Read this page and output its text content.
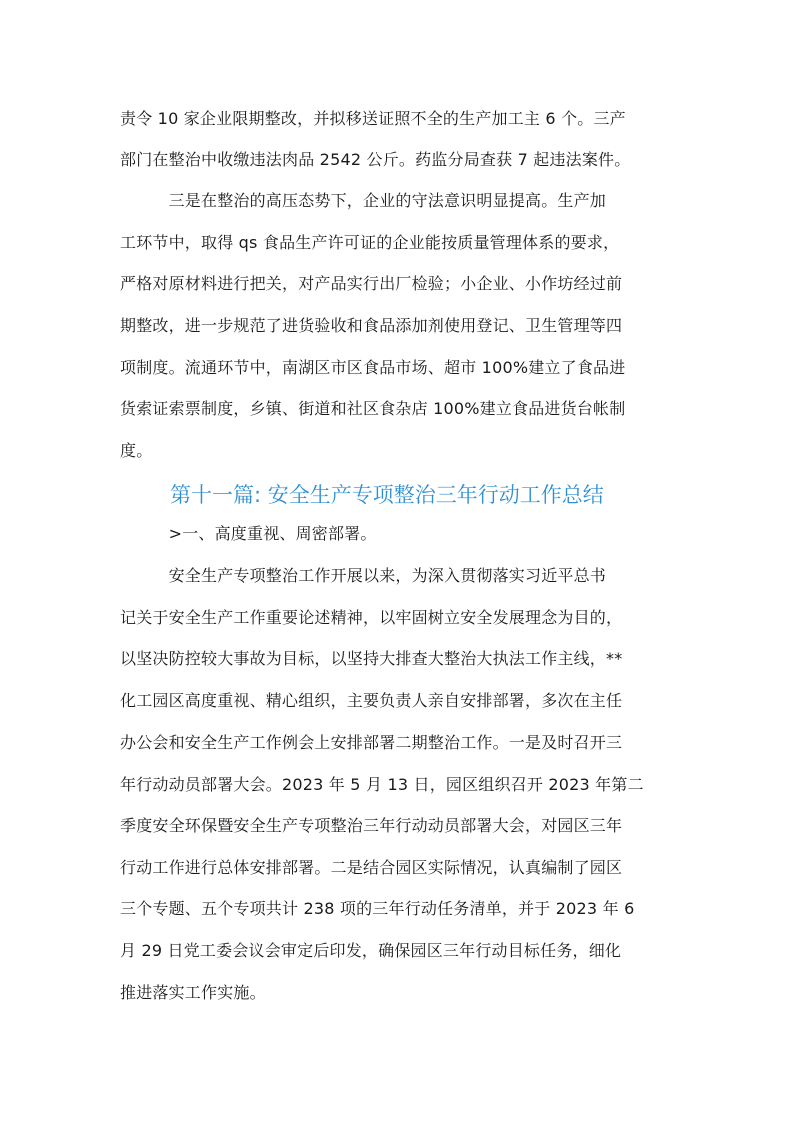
责令 10 家企业限期整改，并拟移送证照不全的生产加工主 6 个。三产
部门在整治中收缴违法肉品 2542 公斤。药监分局查获 7 起违法案件。
　　　三是在整治的高压态势下，企业的守法意识明显提高。生产加
工环节中，取得 qs 食品生产许可证的企业能按质量管理体系的要求，
严格对原材料进行把关，对产品实行出厂检验；小企业、小作坊经过前
期整改，进一步规范了进货验收和食品添加剂使用登记、卫生管理等四
项制度。流通环节中，南湖区市区食品市场、超市 100%建立了食品进
货索证索票制度，乡镇、街道和社区食杂店 100%建立食品进货台帐制
度。
第十一篇: 安全生产专项整治三年行动工作总结
　　　>一、高度重视、周密部署。
　　　安全生产专项整治工作开展以来，为深入贯彻落实习近平总书
记关于安全生产工作重要论述精神，以牢固树立安全发展理念为目的，
以坚决防控较大事故为目标，以坚持大排查大整治大执法工作主线，**
化工园区高度重视、精心组织，主要负责人亲自安排部署，多次在主任
办公会和安全生产工作例会上安排部署二期整治工作。一是及时召开三
年行动动员部署大会。2023 年 5 月 13 日，园区组织召开 2023 年第二
季度安全环保暨安全生产专项整治三年行动动员部署大会，对园区三年
行动工作进行总体安排部署。二是结合园区实际情况，认真编制了园区
三个专题、五个专项共计 238 项的三年行动任务清单，并于 2023 年 6
月 29 日党工委会议会审定后印发，确保园区三年行动目标任务，细化
推进落实工作实施。
